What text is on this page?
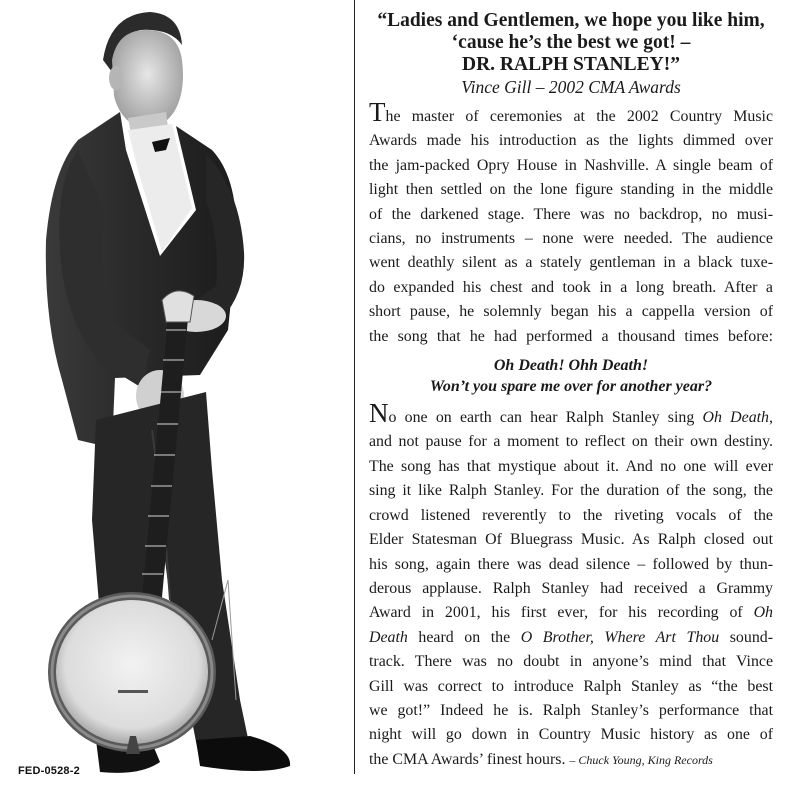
FED-0528-2

“Ladies and Gentlemen, we hope you like him,
‘cause he’s the best we got! –
DR. RALPH STANLEY!”

Vince Gill – 2002 CMA Awards

The master of ceremonies at the 2002 Country Music
Awards made his introduction as the lights dimmed over
the jam-packed Opry House in Nashville. A single beam of
light then settled on the lone figure standing in the middle
of the darkened stage. There was no backdrop, no musi-
cians, no instruments – none were needed. The audience
went deathly silent as a stately gentleman in a black tuxe-
do expanded his chest and took in a long breath. After a
short pause, he solemnly began his a cappella version of
the song that he had performed a thousand times before:

Oh Death! Ohh Death!
Won’t you spare me over for another year?

No one on earth can hear Ralph Stanley sing Oh Death,
and not pause for a moment to reflect on their own destiny.
The song has that mystique about it. And no one will ever
sing it like Ralph Stanley. For the duration of the song, the
crowd listened reverently to the riveting vocals of the
Elder Statesman Of Bluegrass Music. As Ralph closed out
his song, again there was dead silence – followed by thun-
derous applause. Ralph Stanley had received a Grammy
Award in 2001, his first ever, for his recording of Oh
Death heard on the O Brother, Where Art Thou sound-
track. There was no doubt in anyone’s mind that Vince
Gill was correct to introduce Ralph Stanley as “the best
we got!” Indeed he is. Ralph Stanley’s performance that
night will go down in Country Music history as one of
the CMA Awards’ finest hours. – Chuck Young, King Records
